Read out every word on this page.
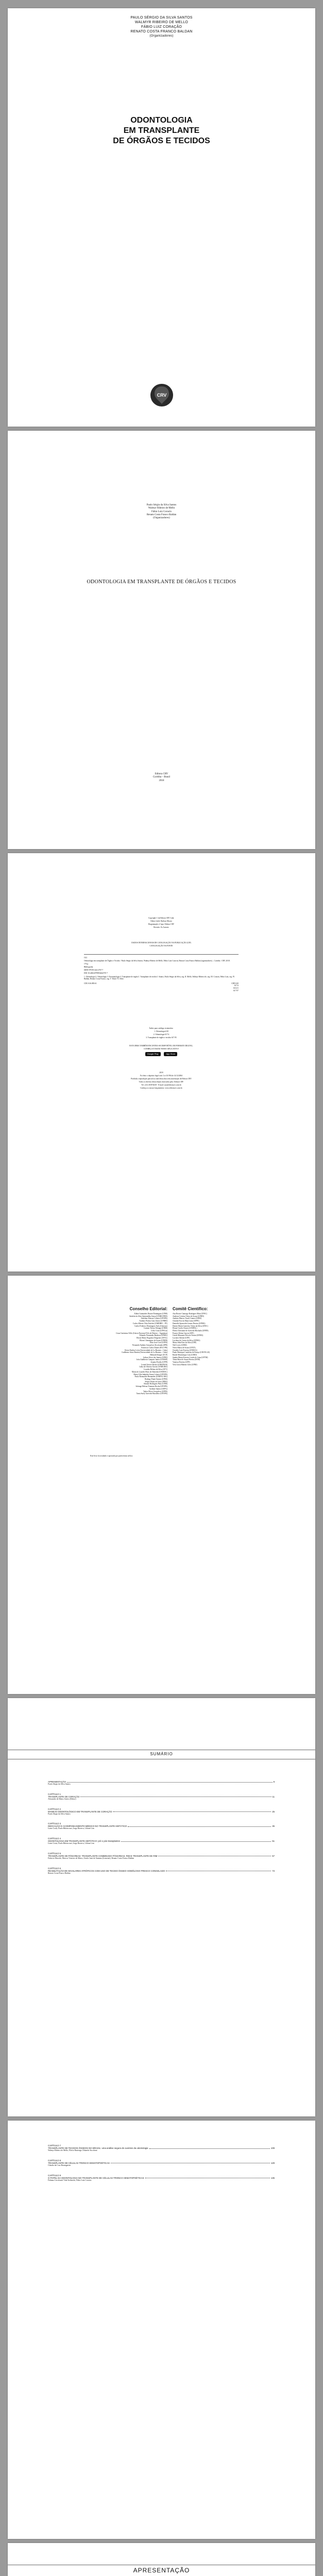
PAULO SÉRGIO DA SILVA SANTOS
WALMYR RIBEIRO DE MELLO
FÁBIO LUIZ CORAÇÃO
RENATO COSTA FRANCO BALDAN
(Organizadores)
ODONTOLOGIA
EM TRANSPLANTE
DE ÓRGÃOS E TECIDOS
CRV
Paulo Sérgio da Silva Santos
Walmyr Ribeiro de Mello
Fábio Luiz Coracin
Renato Costa Franco Baldan
(Organizadores)
ODONTOLOGIA EM TRANSPLANTE DE ÓRGÃOS E TECIDOS
Editora CRV
Curitiba – Brasil
2018

Copyright © da Editora CRV Ltda.

Editor-chefe: Railson Moura

Diagramação e Capa: Editora CRV

Revisão: Os Autores

DADOS INTERNACIONAIS DE CATALOGAÇÃO NA PUBLICAÇÃO (CIP)

CATALOGAÇÃO NA FONTE

O21

Odontologia em transplante de Órgãos e Tecidos / Paulo Sérgio da Silva Santos, Walmyr Ribeiro de Mello, Fábio Luiz Coracin, Renato Costa Franco Baldan (organizadores) – Curitiba : CRV, 2018.

176 p.

Bibliografia

ISBN 978-85-444-2767-7

DOI 10.24824/978854442767.7

1. Odontologia 2. Odontologia 3. Estomatologia 4. Transplante de órgãos I. Transplante de tecidos I. Santos, Paulo Sérgio da Silva, org. II. Mello, Walmyr Ribeiro de, org. III. Coracin, Fábio Luiz, org. IV. Baldan, Renato Costa Franco, org. V. Título VI. Série.

CDU 616.085:61	CDD 610
617.6
616.31
617.97

Índice para catálogo sistemático

1. Odontologia 610

2. Odontologia 617.6

3. Transplante de órgãos e tecidos 617.95

ESTA OBRA TAMBÉM ENCONTRA-SE DISPONÍVEL EM FORMATO DIGITAL.

CONHEÇA E BAIXE NOSSO APLICATIVO!

Google Play	App Store

2018

Foi feito o depósito legal conf. Lei 10.994 de 14/12/2004

Proibida a reprodução parcial ou total desta obra sem autorização da Editora CRV

Todos os direitos desta edição reservados pela: Editora CRV

Tel.: (41) 3039-6418 - E-mail: sac@editoracrv.com.br

Conheça os nossos lançamentos: www.editoracrv.com.br

Conselho Editorial:
Aldira Guimarães Duarte Domínguez (UNB)
Andréia da Silva Quintanilha Sousa (UNIR/UFRN)
Anselmo Alencar Colares (UFOPA)
Antônio Pereira Gaio Júnior (UFRRJ)
Carlos Alberto Vilar Estêvão (UMINHO – PT)
Carlos Federico Dominguez Avila (Unieuro)
Carmen Tereza Velanga (UNIR)
Celso Conti (UFSCar)
Cesar Gerónimo Tello (Univer.Nacional Três de Febrero – Argentina)
Eduardo Fernandes Barbosa (UFMG)
Elione Maria Nogueira Diogenes (UFAL)
Elizeu Clementino de Souza (UNEB)
Élsio José Corá (UFFS)
Fernando Antônio Gonçalves Alcoforado (IPB)
Francisco Carlos Duarte (PUC-PR)
Gloria Fariñas León (Universidade de La Havana – Cuba)
Guillermo Arias Beatón (Universidade de La Havana – Cuba)
Helmuth Krüger (UCP)
Jailson Alves dos Santos (UFRJ)
João Adalberto Campato Junior (UNESP)
Josania Portela (UFPI)
Leonel Severo Rocha (UNISINOS)
Lídia de Oliveira Xavier (UNIEURO)
Lourdes Helena da Silva (UFV)
Maria de Lourdes Pinto de Almeida (UNOESC)
Maria Lília Imbiriba Sousa Colares (UFOPA)
Paulo Romualdo Hernandes (UNIFAL-MG)
Rodrigo Pratte-Santos (UFES)
Sérgio Nunes de Jesus (IFRO)
Simone Rodrigues Pinto (UNB)
Solange Helena Ximenes-Rocha (UFOPA)
Sydione Santos (UEPG)
Tadeu Oliver Gonçalves (UFPA)
Tania Suely Azevedo Brasileiro (UFOPA)
Comitê Científico:
Ana Rosete Camargo Rodrigues Maia (UFSC)
Andreza Cristina Vieira de Souza (UFRN)
Antônio Marcos Tosoli Gomes (UERJ)
Cláudia Feio da Maia Lima (UFPE)
Danielle Aparecida Gomes Pereira (UFMG)
Denise Maria Guerreiro Vieira da Silva (UFSC)
Eliane Corrêa Chaves (UNIFAL)
Flávia Christiane de Azevedo Machado (UFRN)
Francis Kleine Garcia (UFF)
Gisele Massante Peixoto Tonini (UFMG)
Lucinea Valente (UFF)
Lucilene de Cássia da Silva (UFMG)
Maria Júlia Paes da Silva (USP)
Neil Lewis (UERJ)
Nívea Maria de Souza (UFCE)
Osvaldo Luiz Ferreira (UNISUL)
Paulo Henrique Condeixa de França (UNIVILLE)
Rafael Montenegro Lins (UERJ)
Sandra Maria Ferreira Corrêa de Lima (UFTM)
Tânia Mara de Souza Pereira (UEM)
Vanessa Ferreira (UFF)
Vera Lúcia Martins Góes (UFRJ)
Este livro foi avaliado e aprovado por pareceristas ad hoc.
SUMÁRIO
APRESENTAÇÃO	9
Paulo Sérgio da Silva Santos
CAPÍTULO 1
TRANSPLANTE DE CORAÇÃO	11
Alexandre de Matos Soeiro (Editor)
CAPÍTULO 2
MANEJO ODONTOLÓGICO EM TRANSPLANTE DE CORAÇÃO	25
Paulo Sérgio da Silva Santos
CAPÍTULO 3
INDICAÇÃO E ACOMPANHAMENTO MÉDICO NO TRANSPLANTE HEPÁTICO	35
Liane Costa, Paulo Bittencourt, Jorge Bezerra, Liliane Lins
CAPÍTULO 4
ODONTOLOGIA EM TRANSPLANTE HEPÁTICO: pré e pós-transplantes	51
Liane Costa, Paulo Bittencourt, Jorge Bezerra, Liliane Lins
CAPÍTULO 5
TRANSPLANTE DE PÂNCREAS: TRANSPLANTE COMBINADO PÂNCREAS, RIM E TRANSPLANTE DE RIM	57
Fabricio Macedo, Marcos Vinicius de Matos, Ornilo Justi de Santana (Lemente), Renato Costa Franco Baldan
CAPÍTULO 6
REABILITAÇÃO DE MAXILARES ATRÓFICOS COM USO DE TECIDO ÓSSEO HOMÓLOGO FRESCO CONGELADO	73
Renato Costa Franco Baldan
CAPÍTULO 7
TRANSPLANTE DE TECIDOS ÓSSEOS NO BRASIL: uma análise segura de ouvintes da odontologia	109
Walmyr Ribeiro de Mello, Flávio Rastenge, Eduardo Sucohoni
CAPÍTULO 8
TRANSPLANTE DE CÉLULAS TRONCO HEMATOPOÉTICAS	129
Cláudia da Cruz Baumgarten
CAPÍTULO 9
O PAPEL DA ODONTOLOGIA NO TRANSPLANTE DE CÉLULAS-TRONCO HEMATOPOÉTICAS	135
Fabiana Cavalcanti Vital Stoliarski, Fábio Luiz Coracin
APRESENTAÇÃO
